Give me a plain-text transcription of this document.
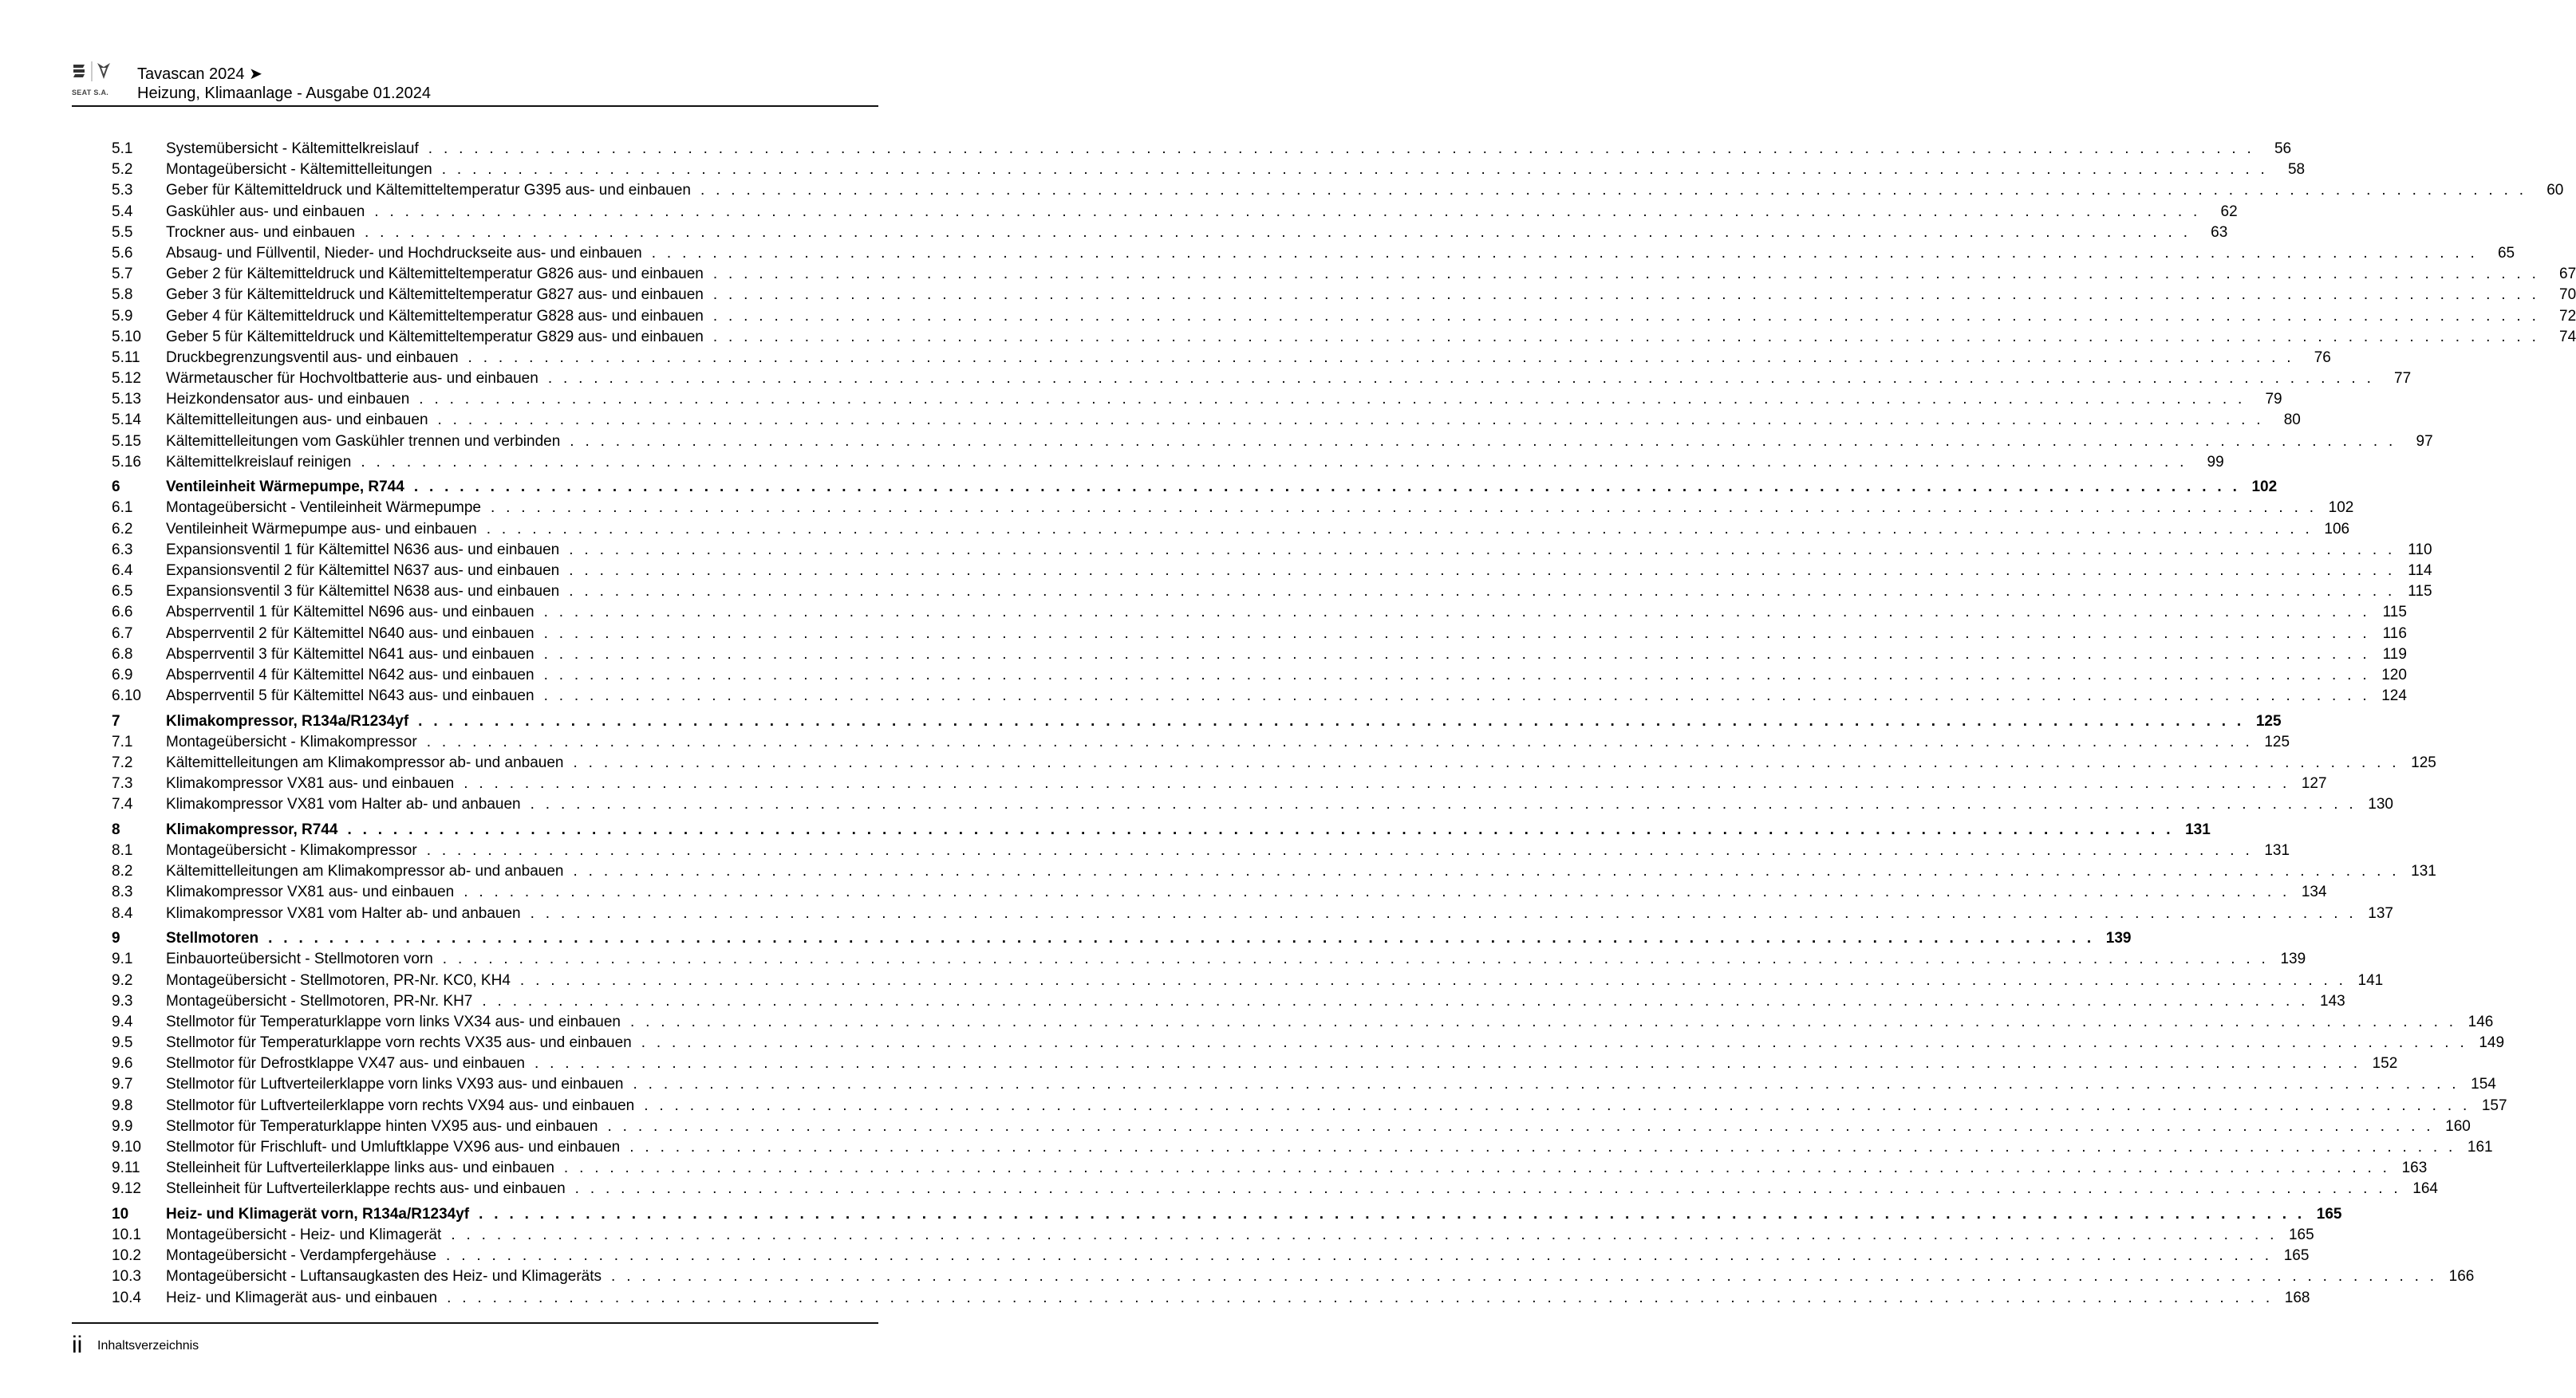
SEAT S.A.
Tavascan 2024 ➤
Heizung, Klimaanlage - Ausgabe 01.2024
5.1	Systemübersicht - Kältemittelkreislauf . . . . . . . . . . . . . . . . . . . . . . . . . . . . . . . . . . . . . . . . . . . . . . . . . . . . . . . . . . . . . . . . . . . . . . . . . . . . . . . . . . . . . . . . . . . . . . . . . . . . . . . . . . . . . . . . . . . . . . . .	56
5.2	Montageübersicht - Kältemittelleitungen . . . . . . . . . . . . . . . . . . . . . . . . . . . . . . . . . . . . . . . . . . . . . . . . . . . . . . . . . . . . . . . . . . . . . . . . . . . . . . . . . . . . . . . . . . . . . . . . . . . . . . . . . . . . . . . . . . . . . . . .	58
5.3	Geber für Kältemitteldruck und Kältemitteltemperatur G395 aus- und einbauen . . . . . . . . . . . . . . . . . . . . . . . . . . . . . . . . . . . . . . . . . . . . . . . . . . . . . . . . . . . . . . . . . . . . . . . . . . . . . . . . . . . . . . . . . . . . . . . . . . . . . . . . . . . . . . . . . . . . . . . .	60
5.4	Gaskühler aus- und einbauen . . . . . . . . . . . . . . . . . . . . . . . . . . . . . . . . . . . . . . . . . . . . . . . . . . . . . . . . . . . . . . . . . . . . . . . . . . . . . . . . . . . . . . . . . . . . . . . . . . . . . . . . . . . . . . . . . . . . . . . .	62
5.5	Trockner aus- und einbauen . . . . . . . . . . . . . . . . . . . . . . . . . . . . . . . . . . . . . . . . . . . . . . . . . . . . . . . . . . . . . . . . . . . . . . . . . . . . . . . . . . . . . . . . . . . . . . . . . . . . . . . . . . . . . . . . . . . . . . . .	63
5.6	Absaug- und Füllventil, Nieder- und Hochdruckseite aus- und einbauen . . . . . . . . . . . . . . . . . . . . . . . . . . . . . . . . . . . . . . . . . . . . . . . . . . . . . . . . . . . . . . . . . . . . . . . . . . . . . . . . . . . . . . . . . . . . . . . . . . . . . . . . . . . . . . . . . . . . . . . .	65
5.7	Geber 2 für Kältemitteldruck und Kältemitteltemperatur G826 aus- und einbauen . . . . . . . . . . . . . . . . . . . . . . . . . . . . . . . . . . . . . . . . . . . . . . . . . . . . . . . . . . . . . . . . . . . . . . . . . . . . . . . . . . . . . . . . . . . . . . . . . . . . . . . . . . . . . . . . . . . . . . . .	67
5.8	Geber 3 für Kältemitteldruck und Kältemitteltemperatur G827 aus- und einbauen . . . . . . . . . . . . . . . . . . . . . . . . . . . . . . . . . . . . . . . . . . . . . . . . . . . . . . . . . . . . . . . . . . . . . . . . . . . . . . . . . . . . . . . . . . . . . . . . . . . . . . . . . . . . . . . . . . . . . . . .	70
5.9	Geber 4 für Kältemitteldruck und Kältemitteltemperatur G828 aus- und einbauen . . . . . . . . . . . . . . . . . . . . . . . . . . . . . . . . . . . . . . . . . . . . . . . . . . . . . . . . . . . . . . . . . . . . . . . . . . . . . . . . . . . . . . . . . . . . . . . . . . . . . . . . . . . . . . . . . . . . . . . .	72
5.10	Geber 5 für Kältemitteldruck und Kältemitteltemperatur G829 aus- und einbauen . . . . . . . . . . . . . . . . . . . . . . . . . . . . . . . . . . . . . . . . . . . . . . . . . . . . . . . . . . . . . . . . . . . . . . . . . . . . . . . . . . . . . . . . . . . . . . . . . . . . . . . . . . . . . . . . . . . . . . . .	74
5.11	Druckbegrenzungsventil aus- und einbauen . . . . . . . . . . . . . . . . . . . . . . . . . . . . . . . . . . . . . . . . . . . . . . . . . . . . . . . . . . . . . . . . . . . . . . . . . . . . . . . . . . . . . . . . . . . . . . . . . . . . . . . . . . . . . . . . . . . . . . . .	76
5.12	Wärmetauscher für Hochvoltbatterie aus- und einbauen . . . . . . . . . . . . . . . . . . . . . . . . . . . . . . . . . . . . . . . . . . . . . . . . . . . . . . . . . . . . . . . . . . . . . . . . . . . . . . . . . . . . . . . . . . . . . . . . . . . . . . . . . . . . . . . . . . . . . . . .	77
5.13	Heizkondensator aus- und einbauen . . . . . . . . . . . . . . . . . . . . . . . . . . . . . . . . . . . . . . . . . . . . . . . . . . . . . . . . . . . . . . . . . . . . . . . . . . . . . . . . . . . . . . . . . . . . . . . . . . . . . . . . . . . . . . . . . . . . . . . .	79
5.14	Kältemittelleitungen aus- und einbauen . . . . . . . . . . . . . . . . . . . . . . . . . . . . . . . . . . . . . . . . . . . . . . . . . . . . . . . . . . . . . . . . . . . . . . . . . . . . . . . . . . . . . . . . . . . . . . . . . . . . . . . . . . . . . . . . . . . . . . . .	80
5.15	Kältemittelleitungen vom Gaskühler trennen und verbinden . . . . . . . . . . . . . . . . . . . . . . . . . . . . . . . . . . . . . . . . . . . . . . . . . . . . . . . . . . . . . . . . . . . . . . . . . . . . . . . . . . . . . . . . . . . . . . . . . . . . . . . . . . . . . . . . . . . . . . . .	97
5.16	Kältemittelkreislauf reinigen . . . . . . . . . . . . . . . . . . . . . . . . . . . . . . . . . . . . . . . . . . . . . . . . . . . . . . . . . . . . . . . . . . . . . . . . . . . . . . . . . . . . . . . . . . . . . . . . . . . . . . . . . . . . . . . . . . . . . . . .	99
6	Ventileinheit Wärmepumpe, R744 . . . . . . . . . . . . . . . . . . . . . . . . . . . . . . . . . . . . . . . . . . . . . . . . . . . . . . . . . . . . . . . . . . . . . . . . . . . . . . . . . . . . . . . . . . . . . . . . . . . . . . . . . . . . . . . . . . . . . . . . 102
6.1	Montageübersicht - Ventileinheit Wärmepumpe . . . . . . . . . . . . . . . . . . . . . . . . . . . . . . . . . . . . . . . . . . . . . . . . . . . . . . . . . . . . . . . . . . . . . . . . . . . . . . . . . . . . . . . . . . . . . . . . . . . . . . . . . . . . . . . . . . . . . . . . 102
6.2	Ventileinheit Wärmepumpe aus- und einbauen . . . . . . . . . . . . . . . . . . . . . . . . . . . . . . . . . . . . . . . . . . . . . . . . . . . . . . . . . . . . . . . . . . . . . . . . . . . . . . . . . . . . . . . . . . . . . . . . . . . . . . . . . . . . . . . . . . . . . . . . 106
6.3	Expansionsventil 1 für Kältemittel N636 aus- und einbauen . . . . . . . . . . . . . . . . . . . . . . . . . . . . . . . . . . . . . . . . . . . . . . . . . . . . . . . . . . . . . . . . . . . . . . . . . . . . . . . . . . . . . . . . . . . . . . . . . . . . . . . . . . . . . . . . . . . . . . . . 110
6.4	Expansionsventil 2 für Kältemittel N637 aus- und einbauen . . . . . . . . . . . . . . . . . . . . . . . . . . . . . . . . . . . . . . . . . . . . . . . . . . . . . . . . . . . . . . . . . . . . . . . . . . . . . . . . . . . . . . . . . . . . . . . . . . . . . . . . . . . . . . . . . . . . . . . . 114
6.5	Expansionsventil 3 für Kältemittel N638 aus- und einbauen . . . . . . . . . . . . . . . . . . . . . . . . . . . . . . . . . . . . . . . . . . . . . . . . . . . . . . . . . . . . . . . . . . . . . . . . . . . . . . . . . . . . . . . . . . . . . . . . . . . . . . . . . . . . . . . . . . . . . . . . 115
6.6	Absperrventil 1 für Kältemittel N696 aus- und einbauen . . . . . . . . . . . . . . . . . . . . . . . . . . . . . . . . . . . . . . . . . . . . . . . . . . . . . . . . . . . . . . . . . . . . . . . . . . . . . . . . . . . . . . . . . . . . . . . . . . . . . . . . . . . . . . . . . . . . . . . . 115
6.7	Absperrventil 2 für Kältemittel N640 aus- und einbauen . . . . . . . . . . . . . . . . . . . . . . . . . . . . . . . . . . . . . . . . . . . . . . . . . . . . . . . . . . . . . . . . . . . . . . . . . . . . . . . . . . . . . . . . . . . . . . . . . . . . . . . . . . . . . . . . . . . . . . . . 116
6.8	Absperrventil 3 für Kältemittel N641 aus- und einbauen . . . . . . . . . . . . . . . . . . . . . . . . . . . . . . . . . . . . . . . . . . . . . . . . . . . . . . . . . . . . . . . . . . . . . . . . . . . . . . . . . . . . . . . . . . . . . . . . . . . . . . . . . . . . . . . . . . . . . . . . 119
6.9	Absperrventil 4 für Kältemittel N642 aus- und einbauen . . . . . . . . . . . . . . . . . . . . . . . . . . . . . . . . . . . . . . . . . . . . . . . . . . . . . . . . . . . . . . . . . . . . . . . . . . . . . . . . . . . . . . . . . . . . . . . . . . . . . . . . . . . . . . . . . . . . . . . . 120
6.10	Absperrventil 5 für Kältemittel N643 aus- und einbauen . . . . . . . . . . . . . . . . . . . . . . . . . . . . . . . . . . . . . . . . . . . . . . . . . . . . . . . . . . . . . . . . . . . . . . . . . . . . . . . . . . . . . . . . . . . . . . . . . . . . . . . . . . . . . . . . . . . . . . . . 124
7	Klimakompressor, R134a/R1234yf . . . . . . . . . . . . . . . . . . . . . . . . . . . . . . . . . . . . . . . . . . . . . . . . . . . . . . . . . . . . . . . . . . . . . . . . . . . . . . . . . . . . . . . . . . . . . . . . . . . . . . . . . . . . . . . . . . . . . . . . 125
7.1	Montageübersicht - Klimakompressor . . . . . . . . . . . . . . . . . . . . . . . . . . . . . . . . . . . . . . . . . . . . . . . . . . . . . . . . . . . . . . . . . . . . . . . . . . . . . . . . . . . . . . . . . . . . . . . . . . . . . . . . . . . . . . . . . . . . . . . . 125
7.2	Kältemittelleitungen am Klimakompressor ab- und anbauen . . . . . . . . . . . . . . . . . . . . . . . . . . . . . . . . . . . . . . . . . . . . . . . . . . . . . . . . . . . . . . . . . . . . . . . . . . . . . . . . . . . . . . . . . . . . . . . . . . . . . . . . . . . . . . . . . . . . . . . . 125
7.3	Klimakompressor VX81 aus- und einbauen . . . . . . . . . . . . . . . . . . . . . . . . . . . . . . . . . . . . . . . . . . . . . . . . . . . . . . . . . . . . . . . . . . . . . . . . . . . . . . . . . . . . . . . . . . . . . . . . . . . . . . . . . . . . . . . . . . . . . . . . 127
7.4	Klimakompressor VX81 vom Halter ab- und anbauen . . . . . . . . . . . . . . . . . . . . . . . . . . . . . . . . . . . . . . . . . . . . . . . . . . . . . . . . . . . . . . . . . . . . . . . . . . . . . . . . . . . . . . . . . . . . . . . . . . . . . . . . . . . . . . . . . . . . . . . . 130
8	Klimakompressor, R744 . . . . . . . . . . . . . . . . . . . . . . . . . . . . . . . . . . . . . . . . . . . . . . . . . . . . . . . . . . . . . . . . . . . . . . . . . . . . . . . . . . . . . . . . . . . . . . . . . . . . . . . . . . . . . . . . . . . . . . . . 131
8.1	Montageübersicht - Klimakompressor . . . . . . . . . . . . . . . . . . . . . . . . . . . . . . . . . . . . . . . . . . . . . . . . . . . . . . . . . . . . . . . . . . . . . . . . . . . . . . . . . . . . . . . . . . . . . . . . . . . . . . . . . . . . . . . . . . . . . . . . 131
8.2	Kältemittelleitungen am Klimakompressor ab- und anbauen . . . . . . . . . . . . . . . . . . . . . . . . . . . . . . . . . . . . . . . . . . . . . . . . . . . . . . . . . . . . . . . . . . . . . . . . . . . . . . . . . . . . . . . . . . . . . . . . . . . . . . . . . . . . . . . . . . . . . . . . 131
8.3	Klimakompressor VX81 aus- und einbauen . . . . . . . . . . . . . . . . . . . . . . . . . . . . . . . . . . . . . . . . . . . . . . . . . . . . . . . . . . . . . . . . . . . . . . . . . . . . . . . . . . . . . . . . . . . . . . . . . . . . . . . . . . . . . . . . . . . . . . . . 134
8.4	Klimakompressor VX81 vom Halter ab- und anbauen . . . . . . . . . . . . . . . . . . . . . . . . . . . . . . . . . . . . . . . . . . . . . . . . . . . . . . . . . . . . . . . . . . . . . . . . . . . . . . . . . . . . . . . . . . . . . . . . . . . . . . . . . . . . . . . . . . . . . . . . 137
9	Stellmotoren . . . . . . . . . . . . . . . . . . . . . . . . . . . . . . . . . . . . . . . . . . . . . . . . . . . . . . . . . . . . . . . . . . . . . . . . . . . . . . . . . . . . . . . . . . . . . . . . . . . . . . . . . . . . . . . . . . . . . . . . 139
9.1	Einbauorteübersicht - Stellmotoren vorn . . . . . . . . . . . . . . . . . . . . . . . . . . . . . . . . . . . . . . . . . . . . . . . . . . . . . . . . . . . . . . . . . . . . . . . . . . . . . . . . . . . . . . . . . . . . . . . . . . . . . . . . . . . . . . . . . . . . . . . . 139
9.2	Montageübersicht - Stellmotoren, PR-Nr. KC0, KH4 . . . . . . . . . . . . . . . . . . . . . . . . . . . . . . . . . . . . . . . . . . . . . . . . . . . . . . . . . . . . . . . . . . . . . . . . . . . . . . . . . . . . . . . . . . . . . . . . . . . . . . . . . . . . . . . . . . . . . . . . 141
9.3	Montageübersicht - Stellmotoren, PR-Nr. KH7 . . . . . . . . . . . . . . . . . . . . . . . . . . . . . . . . . . . . . . . . . . . . . . . . . . . . . . . . . . . . . . . . . . . . . . . . . . . . . . . . . . . . . . . . . . . . . . . . . . . . . . . . . . . . . . . . . . . . . . . . 143
9.4	Stellmotor für Temperaturklappe vorn links VX34 aus- und einbauen . . . . . . . . . . . . . . . . . . . . . . . . . . . . . . . . . . . . . . . . . . . . . . . . . . . . . . . . . . . . . . . . . . . . . . . . . . . . . . . . . . . . . . . . . . . . . . . . . . . . . . . . . . . . . . . . . . . . . . . . 146
9.5	Stellmotor für Temperaturklappe vorn rechts VX35 aus- und einbauen . . . . . . . . . . . . . . . . . . . . . . . . . . . . . . . . . . . . . . . . . . . . . . . . . . . . . . . . . . . . . . . . . . . . . . . . . . . . . . . . . . . . . . . . . . . . . . . . . . . . . . . . . . . . . . . . . . . . . . . . 149
9.6	Stellmotor für Defrostklappe VX47 aus- und einbauen . . . . . . . . . . . . . . . . . . . . . . . . . . . . . . . . . . . . . . . . . . . . . . . . . . . . . . . . . . . . . . . . . . . . . . . . . . . . . . . . . . . . . . . . . . . . . . . . . . . . . . . . . . . . . . . . . . . . . . . . 152
9.7	Stellmotor für Luftverteilerklappe vorn links VX93 aus- und einbauen . . . . . . . . . . . . . . . . . . . . . . . . . . . . . . . . . . . . . . . . . . . . . . . . . . . . . . . . . . . . . . . . . . . . . . . . . . . . . . . . . . . . . . . . . . . . . . . . . . . . . . . . . . . . . . . . . . . . . . . . 154
9.8	Stellmotor für Luftverteilerklappe vorn rechts VX94 aus- und einbauen . . . . . . . . . . . . . . . . . . . . . . . . . . . . . . . . . . . . . . . . . . . . . . . . . . . . . . . . . . . . . . . . . . . . . . . . . . . . . . . . . . . . . . . . . . . . . . . . . . . . . . . . . . . . . . . . . . . . . . . . 157
9.9	Stellmotor für Temperaturklappe hinten VX95 aus- und einbauen . . . . . . . . . . . . . . . . . . . . . . . . . . . . . . . . . . . . . . . . . . . . . . . . . . . . . . . . . . . . . . . . . . . . . . . . . . . . . . . . . . . . . . . . . . . . . . . . . . . . . . . . . . . . . . . . . . . . . . . . 160
9.10	Stellmotor für Frischluft- und Umluftklappe VX96 aus- und einbauen . . . . . . . . . . . . . . . . . . . . . . . . . . . . . . . . . . . . . . . . . . . . . . . . . . . . . . . . . . . . . . . . . . . . . . . . . . . . . . . . . . . . . . . . . . . . . . . . . . . . . . . . . . . . . . . . . . . . . . . . 161
9.11	Stelleinheit für Luftverteilerklappe links aus- und einbauen . . . . . . . . . . . . . . . . . . . . . . . . . . . . . . . . . . . . . . . . . . . . . . . . . . . . . . . . . . . . . . . . . . . . . . . . . . . . . . . . . . . . . . . . . . . . . . . . . . . . . . . . . . . . . . . . . . . . . . . . 163
9.12	Stelleinheit für Luftverteilerklappe rechts aus- und einbauen . . . . . . . . . . . . . . . . . . . . . . . . . . . . . . . . . . . . . . . . . . . . . . . . . . . . . . . . . . . . . . . . . . . . . . . . . . . . . . . . . . . . . . . . . . . . . . . . . . . . . . . . . . . . . . . . . . . . . . . . 164
10	Heiz- und Klimagerät vorn, R134a/R1234yf . . . . . . . . . . . . . . . . . . . . . . . . . . . . . . . . . . . . . . . . . . . . . . . . . . . . . . . . . . . . . . . . . . . . . . . . . . . . . . . . . . . . . . . . . . . . . . . . . . . . . . . . . . . . . . . . . . . . . . . . 165
10.1	Montageübersicht - Heiz- und Klimagerät . . . . . . . . . . . . . . . . . . . . . . . . . . . . . . . . . . . . . . . . . . . . . . . . . . . . . . . . . . . . . . . . . . . . . . . . . . . . . . . . . . . . . . . . . . . . . . . . . . . . . . . . . . . . . . . . . . . . . . . . 165
10.2	Montageübersicht - Verdampfergehäuse . . . . . . . . . . . . . . . . . . . . . . . . . . . . . . . . . . . . . . . . . . . . . . . . . . . . . . . . . . . . . . . . . . . . . . . . . . . . . . . . . . . . . . . . . . . . . . . . . . . . . . . . . . . . . . . . . . . . . . . . 165
10.3	Montageübersicht - Luftansaugkasten des Heiz- und Klimageräts . . . . . . . . . . . . . . . . . . . . . . . . . . . . . . . . . . . . . . . . . . . . . . . . . . . . . . . . . . . . . . . . . . . . . . . . . . . . . . . . . . . . . . . . . . . . . . . . . . . . . . . . . . . . . . . . . . . . . . . . 166
10.4	Heiz- und Klimagerät aus- und einbauen . . . . . . . . . . . . . . . . . . . . . . . . . . . . . . . . . . . . . . . . . . . . . . . . . . . . . . . . . . . . . . . . . . . . . . . . . . . . . . . . . . . . . . . . . . . . . . . . . . . . . . . . . . . . . . . . . . . . . . . . 168
ii Inhaltsverzeichnis
